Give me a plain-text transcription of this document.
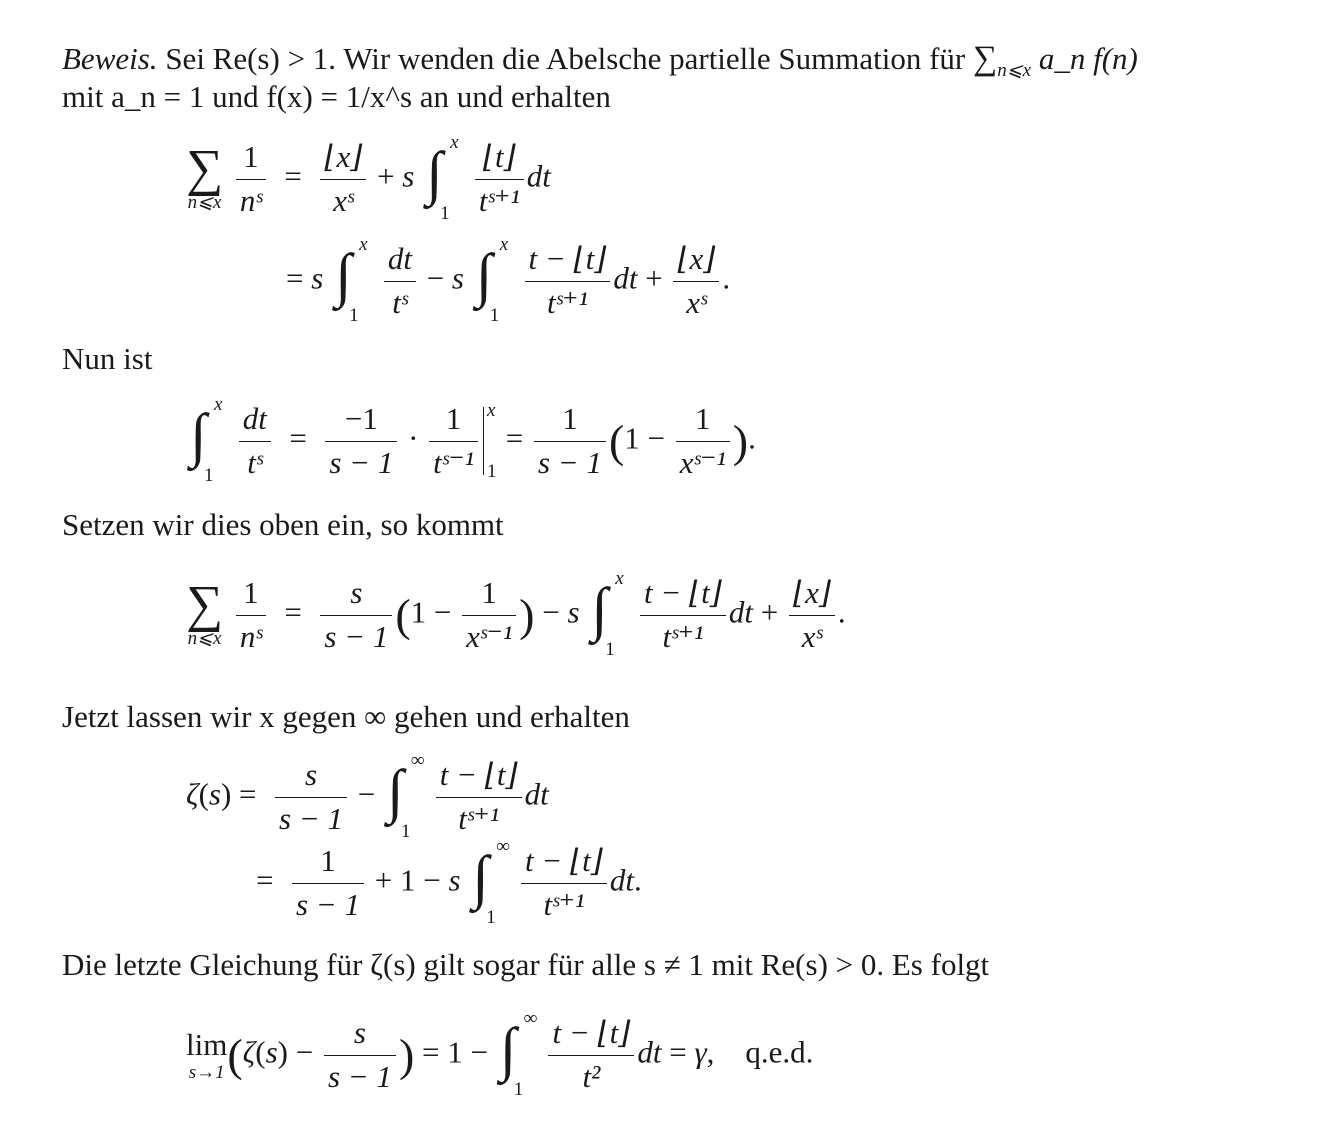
Beweis. Sei Re(s) > 1. Wir wenden die Abelsche partielle Summation für $\sum_{n⩽x}$ a_n f(n)
mit a_n = 1 und f(x) = 1/x^s an und erhalten
∑
n⩽x
$\frac{1}{\text{nˢ}} = \frac{⌊x⌋}{\text{xˢ}} + s$ ∫ x
1
$\frac{⌊t⌋}{\text{tˢ⁺¹}}$ dt
= s ∫ x
1
$\frac{dt}{\text{tˢ}} - s$ ∫ x
1
$\frac{t - ⌊t⌋}{\text{tˢ⁺¹}}$ dt + $\frac{⌊x⌋}{\text{xˢ}}$ .
Nun ist
∫ x
1
$\frac{dt}{\text{tˢ}} = \frac{-1}{s - 1} \cdot \frac{1}{\text{tˢ⁻¹}}$ x
1
= $\frac{1}{s - 1} (1 - \frac{1}{\text{xˢ⁻¹}}$ ).
Setzen wir dies oben ein, so kommt
∑
n⩽x
$\frac{1}{\text{nˢ}} = \frac{s}{s - 1} (1 - \frac{1}{\text{xˢ⁻¹}}$ ) − s ∫ x
1
$\frac{t - ⌊t⌋}{\text{tˢ⁺¹}}$ dt + $\frac{⌊x⌋}{\text{xˢ}}$ .
Jetzt lassen wir x gegen ∞ gehen und erhalten
$\zeta(s) = \frac{s}{s - 1}$ − ∫ ∞
1
$\frac{t - ⌊t⌋}{\text{tˢ⁺¹}}$ dt
= $\frac{1}{s - 1} + 1 - s$ ∫ ∞
1
$\frac{t - ⌊t⌋}{\text{tˢ⁺¹}}$ dt.
Die letzte Gleichung für ζ(s) gilt sogar für alle s ≠ 1 mit Re(s) > 0. Es folgt
lim
s→1 ($\zeta(s) - \frac{s}{s - 1}$ ) = 1 − ∫ ∞
1
$\frac{t - ⌊t⌋}{\text{t²}}$ dt = γ,    q.e.d.
